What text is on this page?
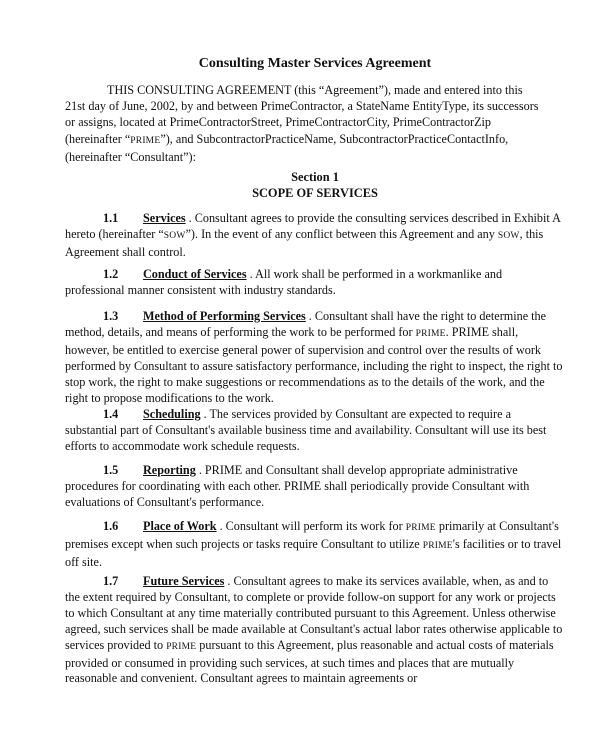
Consulting Master Services Agreement
THIS CONSULTING AGREEMENT (this “Agreement”), made and entered into this
21st day of June, 2002, by and between PrimeContractor, a StateName EntityType, its successors
or assigns, located at PrimeContractorStreet, PrimeContractorCity, PrimeContractorZip
(hereinafter “PRIME”), and SubcontractorPracticeName, SubcontractorPracticeContactInfo,
(hereinafter “Consultant”):
Section 1
SCOPE OF SERVICES
1.1 Services . Consultant agrees to provide the consulting services described in Exhibit A hereto (hereinafter “SOW”). In the event of any conflict between this Agreement and any SOW, this Agreement shall control.
1.2 Conduct of Services . All work shall be performed in a workmanlike and professional manner consistent with industry standards.
1.3 Method of Performing Services . Consultant shall have the right to determine the method, details, and means of performing the work to be performed for PRIME. PRIME shall, however, be entitled to exercise general power of supervision and control over the results of work performed by Consultant to assure satisfactory performance, including the right to inspect, the right to stop work, the right to make suggestions or recommendations as to the details of the work, and the right to propose modifications to the work.
1.4 Scheduling . The services provided by Consultant are expected to require a substantial part of Consultant's available business time and availability. Consultant will use its best efforts to accommodate work schedule requests.
1.5 Reporting . PRIME and Consultant shall develop appropriate administrative procedures for coordinating with each other. PRIME shall periodically provide Consultant with evaluations of Consultant's performance.
1.6 Place of Work . Consultant will perform its work for PRIME primarily at Consultant's premises except when such projects or tasks require Consultant to utilize PRIME's facilities or to travel off site.
1.7 Future Services . Consultant agrees to make its services available, when, as and to the extent required by Consultant, to complete or provide follow-on support for any work or projects to which Consultant at any time materially contributed pursuant to this Agreement. Unless otherwise agreed, such services shall be made available at Consultant's actual labor rates otherwise applicable to services provided to PRIME pursuant to this Agreement, plus reasonable and actual costs of materials provided or consumed in providing such services, at such times and places that are mutually reasonable and convenient. Consultant agrees to maintain agreements or
